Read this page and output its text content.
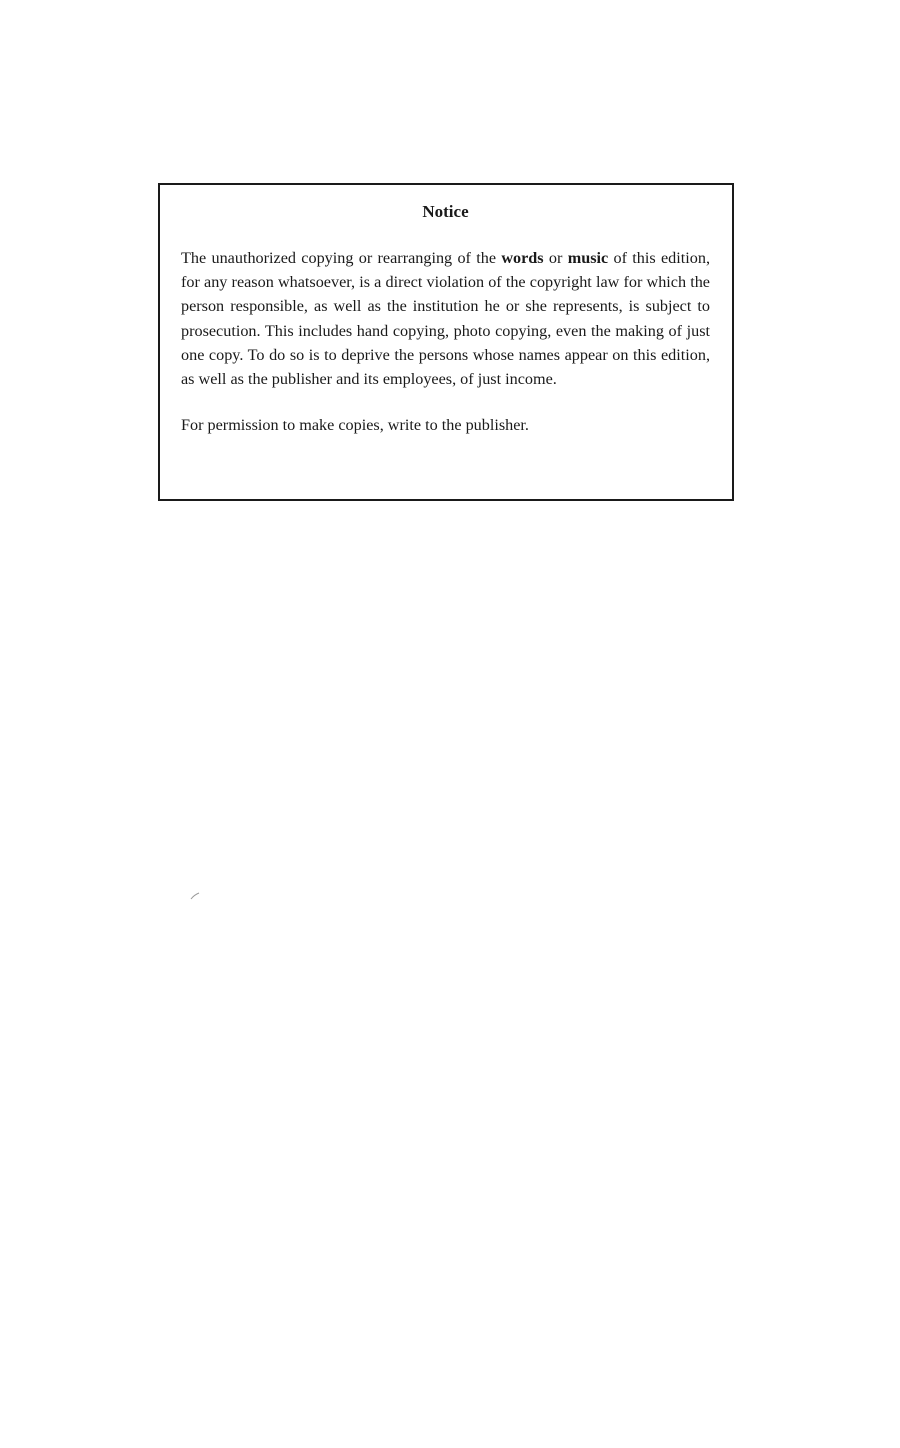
Notice

The unauthorized copying or rearranging of the words or music of this edition, for any reason whatsoever, is a direct violation of the copyright law for which the person responsible, as well as the institution he or she represents, is subject to prosecution. This includes hand copying, photo copying, even the making of just one copy. To do so is to deprive the persons whose names appear on this edition, as well as the publisher and its employees, of just income.

For permission to make copies, write to the publisher.
